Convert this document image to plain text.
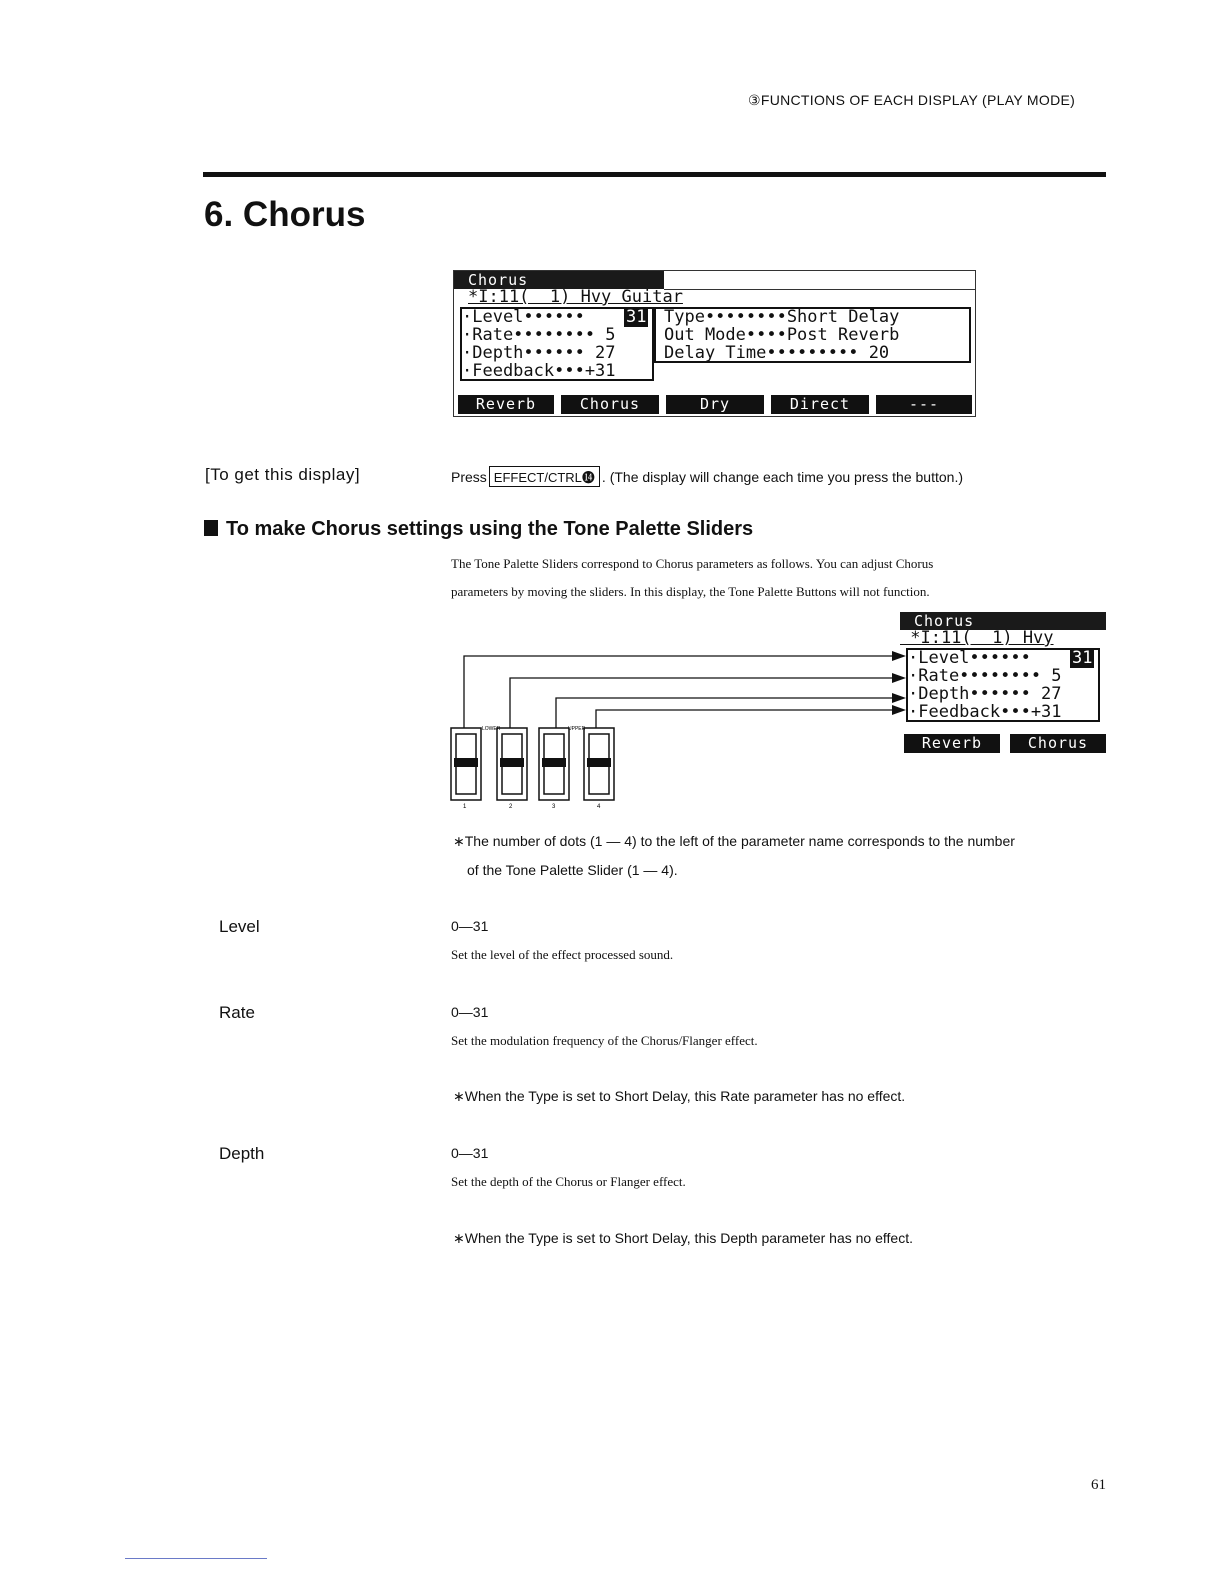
③FUNCTIONS OF EACH DISPLAY (PLAY MODE)
6. Chorus
Chorus
*I:11(  1) Hvy Guitar
·Level•••••• 31
·Rate•••••••• 5
·Depth•••••• 27
·Feedback•••+31
Type••••••••Short Delay
Out Mode••••Post Reverb
Delay Time••••••••• 20
Reverb	Chorus	Dry	Direct	---
[To get this display]	Press EFFECT/CTRL⓮ . (The display will change each time you press the button.)
To make Chorus settings using the Tone Palette Sliders
The Tone Palette Sliders correspond to Chorus parameters as follows. You can adjust Chorus
parameters by moving the sliders. In this display, the Tone Palette Buttons will not function.
LOWER	UPPER
1	2	3	4
Chorus
*I:11(  1) Hvy
·Level•••••• 31
·Rate•••••••• 5
·Depth•••••• 27
·Feedback•••+31
Reverb	Chorus
∗The number of dots (1 — 4) to the left of the parameter name corresponds to the number
of the Tone Palette Slider (1 — 4).
Level	0—31
Set the level of the effect processed sound.
Rate	0—31
Set the modulation frequency of the Chorus/Flanger effect.
∗When the Type is set to Short Delay, this Rate parameter has no effect.
Depth	0—31
Set the depth of the Chorus or Flanger effect.
∗When the Type is set to Short Delay, this Depth parameter has no effect.
61
